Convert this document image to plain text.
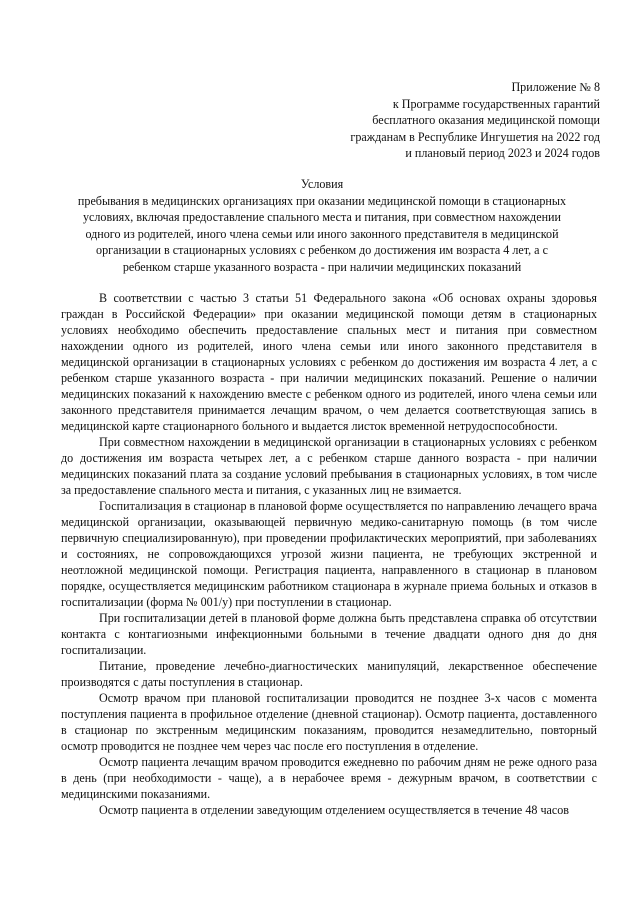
Приложение № 8
к Программе государственных гарантий
бесплатного оказания медицинской помощи
гражданам в Республике Ингушетия на 2022 год
и плановый период 2023 и 2024 годов
Условия
пребывания в медицинских организациях при оказании медицинской помощи в стационарных
условиях, включая предоставление спального места и питания, при совместном нахождении
одного из родителей, иного члена семьи или иного законного представителя в медицинской
организации в стационарных условиях с ребенком до достижения им возраста 4 лет, а с
ребенком старше указанного возраста - при наличии медицинских показаний

В соответствии с частью 3 статьи 51 Федерального закона «Об основах охраны здоровья граждан в Российской Федерации» при оказании медицинской помощи детям в стационарных условиях необходимо обеспечить предоставление спальных мест и питания при совместном нахождении одного из родителей, иного члена семьи или иного законного представителя в медицинской организации в стационарных условиях с ребенком до достижения им возраста 4 лет, а с ребенком старше указанного возраста - при наличии медицинских показаний. Решение о наличии медицинских показаний к нахождению вместе с ребенком одного из родителей, иного члена семьи или законного представителя принимается лечащим врачом, о чем делается соответствующая запись в медицинской карте стационарного больного и выдается листок временной нетрудоспособности.

При совместном нахождении в медицинской организации в стационарных условиях с ребенком до достижения им возраста четырех лет, а с ребенком старше данного возраста - при наличии медицинских показаний плата за создание условий пребывания в стационарных условиях, в том числе за предоставление спального места и питания, с указанных лиц не взимается.

Госпитализация в стационар в плановой форме осуществляется по направлению лечащего врача медицинской организации, оказывающей первичную медико-санитарную помощь (в том числе первичную специализированную), при проведении профилактических мероприятий, при заболеваниях и состояниях, не сопровождающихся угрозой жизни пациента, не требующих экстренной и неотложной медицинской помощи. Регистрация пациента, направленного в стационар в плановом порядке, осуществляется медицинским работником стационара в журнале приема больных и отказов в госпитализации (форма № 001/у) при поступлении в стационар.

При госпитализации детей в плановой форме должна быть представлена справка об отсутствии контакта с контагиозными инфекционными больными в течение двадцати одного дня до дня госпитализации.

Питание, проведение лечебно-диагностических манипуляций, лекарственное обеспечение производятся с даты поступления в стационар.

Осмотр врачом при плановой госпитализации проводится не позднее 3-х часов с момента поступления пациента в профильное отделение (дневной стационар). Осмотр пациента, доставленного в стационар по экстренным медицинским показаниям, проводится незамедлительно, повторный осмотр проводится не позднее чем через час после его поступления в отделение.

Осмотр пациента лечащим врачом проводится ежедневно по рабочим дням не реже одного раза в день (при необходимости - чаще), а в нерабочее время - дежурным врачом, в соответствии с медицинскими показаниями.

Осмотр пациента в отделении заведующим отделением осуществляется в течение 48 часов
